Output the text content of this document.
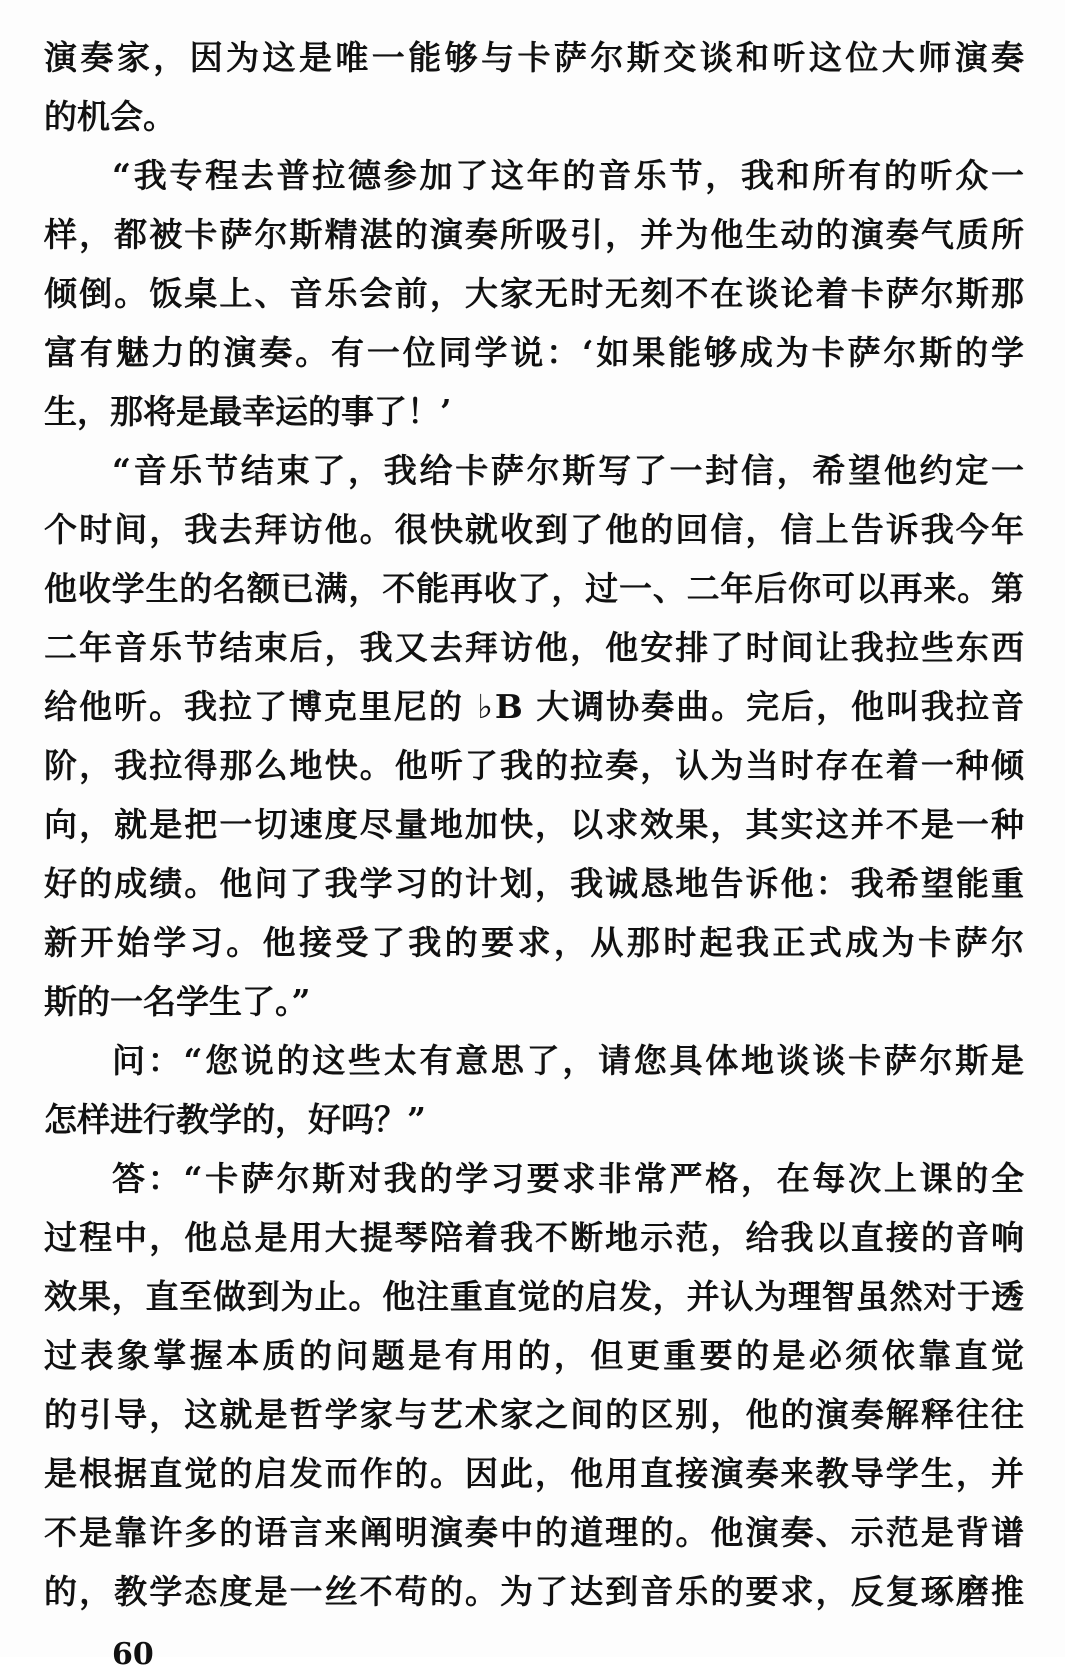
演奏家，因为这是唯一能够与卡萨尔斯交谈和听这位大师演奏
的机会。
“我专程去普拉德参加了这年的音乐节，我和所有的听众一
样，都被卡萨尔斯精湛的演奏所吸引，并为他生动的演奏气质所
倾倒。饭桌上、音乐会前，大家无时无刻不在谈论着卡萨尔斯那
富有魅力的演奏。有一位同学说：‘如果能够成为卡萨尔斯的学
生，那将是最幸运的事了！’
“音乐节结束了，我给卡萨尔斯写了一封信，希望他约定一
个时间，我去拜访他。很快就收到了他的回信，信上告诉我今年
他收学生的名额已满，不能再收了，过一、二年后你可以再来。第
二年音乐节结束后，我又去拜访他，他安排了时间让我拉些东西
给他听。我拉了博克里尼的 ♭B 大调协奏曲。完后，他叫我拉音
阶，我拉得那么地快。他听了我的拉奏，认为当时存在着一种倾
向，就是把一切速度尽量地加快，以求效果，其实这并不是一种
好的成绩。他问了我学习的计划，我诚恳地告诉他：我希望能重
新开始学习。他接受了我的要求，从那时起我正式成为卡萨尔
斯的一名学生了。”
问：“您说的这些太有意思了，请您具体地谈谈卡萨尔斯是
怎样进行教学的，好吗？”
答：“卡萨尔斯对我的学习要求非常严格，在每次上课的全
过程中，他总是用大提琴陪着我不断地示范，给我以直接的音响
效果，直至做到为止。他注重直觉的启发，并认为理智虽然对于透
过表象掌握本质的问题是有用的，但更重要的是必须依靠直觉
的引导，这就是哲学家与艺术家之间的区别，他的演奏解释往往
是根据直觉的启发而作的。因此，他用直接演奏来教导学生，并
不是靠许多的语言来阐明演奏中的道理的。他演奏、示范是背谱
的，教学态度是一丝不苟的。为了达到音乐的要求，反复琢磨推
60
